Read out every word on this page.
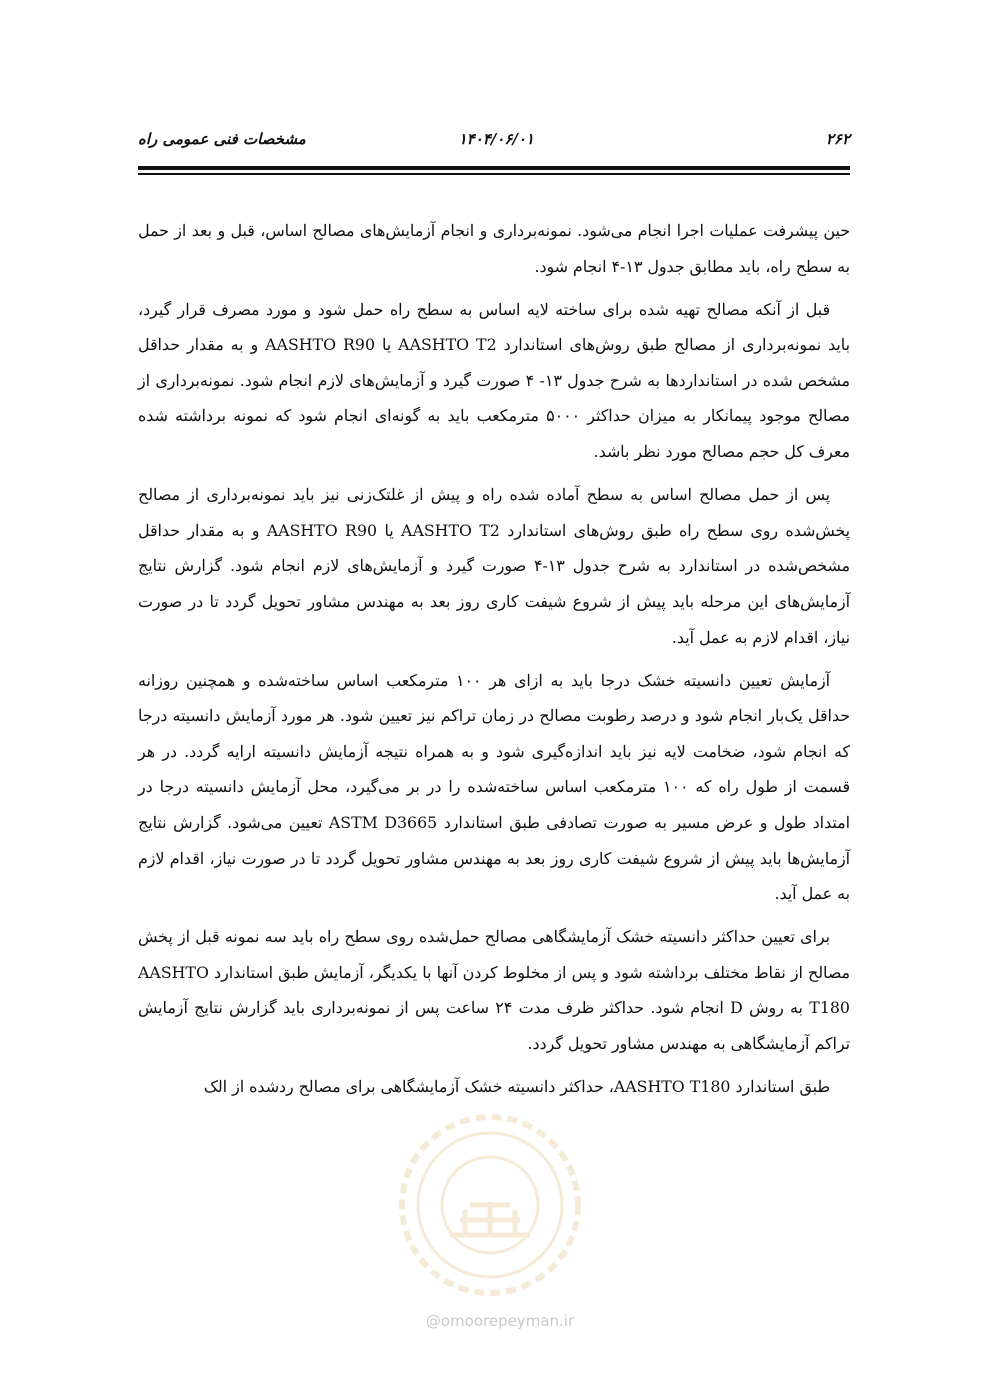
۲۶۲
۱۴۰۴/۰۶/۰۱
مشخصات فنی عمومی راه

حین پیشرفت عملیات اجرا انجام می‌شود. نمونه‌برداری و انجام آزمایش‌های مصالح اساس، قبل و بعد از حمل به سطح راه، باید مطابق جدول ۱۳-۴ انجام شود.

قبل از آنکه مصالح تهیه شده برای ساخته لایه اساس به سطح راه حمل شود و مورد مصرف قرار گیرد، باید نمونه‌برداری از مصالح طبق روش‌های استاندارد AASHTO T2 یا AASHTO R90 و به مقدار حداقل مشخص شده در استانداردها به شرح جدول ۱۳- ۴ صورت گیرد و آزمایش‌های لازم انجام شود. نمونه‌برداری از مصالح موجود پیمانکار به میزان حداکثر ۵۰۰۰ مترمکعب باید به گونه‌ای انجام شود که نمونه برداشته شده معرف کل حجم مصالح مورد نظر باشد.

پس از حمل مصالح اساس به سطح آماده شده راه و پیش از غلتک‌زنی نیز باید نمونه‌برداری از مصالح پخش‌شده روی سطح راه طبق روش‌های استاندارد AASHTO T2 یا AASHTO R90 و به مقدار حداقل مشخص‌شده در استاندارد به شرح جدول ۱۳-۴ صورت گیرد و آزمایش‌های لازم انجام شود. گزارش نتایج آزمایش‌های این مرحله باید پیش از شروع شیفت کاری روز بعد به مهندس مشاور تحویل گردد تا در صورت نیاز، اقدام لازم به عمل آید.

آزمایش تعیین دانسیته خشک درجا باید به ازای هر ۱۰۰ مترمکعب اساس ساخته‌شده و همچنین روزانه حداقل یک‌بار انجام شود و درصد رطوبت مصالح در زمان تراکم نیز تعیین شود. هر مورد آزمایش دانسیته درجا که انجام شود، ضخامت لایه نیز باید اندازه‌گیری شود و به همراه نتیجه آزمایش دانسیته ارایه گردد. در هر قسمت از طول راه که ۱۰۰ مترمکعب اساس ساخته‌شده را در بر می‌گیرد، محل آزمایش دانسیته درجا در امتداد طول و عرض مسیر به صورت تصادفی طبق استاندارد ASTM D3665 تعیین می‌شود. گزارش نتایج آزمایش‌ها باید پیش از شروع شیفت کاری روز بعد به مهندس مشاور تحویل گردد تا در صورت نیاز، اقدام لازم به عمل آید.

برای تعیین حداکثر دانسیته خشک آزمایشگاهی مصالح حمل‌شده روی سطح راه باید سه نمونه قبل از پخش مصالح از نقاط مختلف برداشته شود و پس از مخلوط کردن آنها با یکدیگر، آزمایش طبق استاندارد AASHTO T180 به روش D انجام شود. حداکثر ظرف مدت ۲۴ ساعت پس از نمونه‌برداری باید گزارش نتایج آزمایش تراکم آزمایشگاهی به مهندس مشاور تحویل گردد.

طبق استاندارد AASHTO T180، حداکثر دانسیته خشک آزمایشگاهی برای مصالح ردشده از الک

@omoorepeyman.ir
